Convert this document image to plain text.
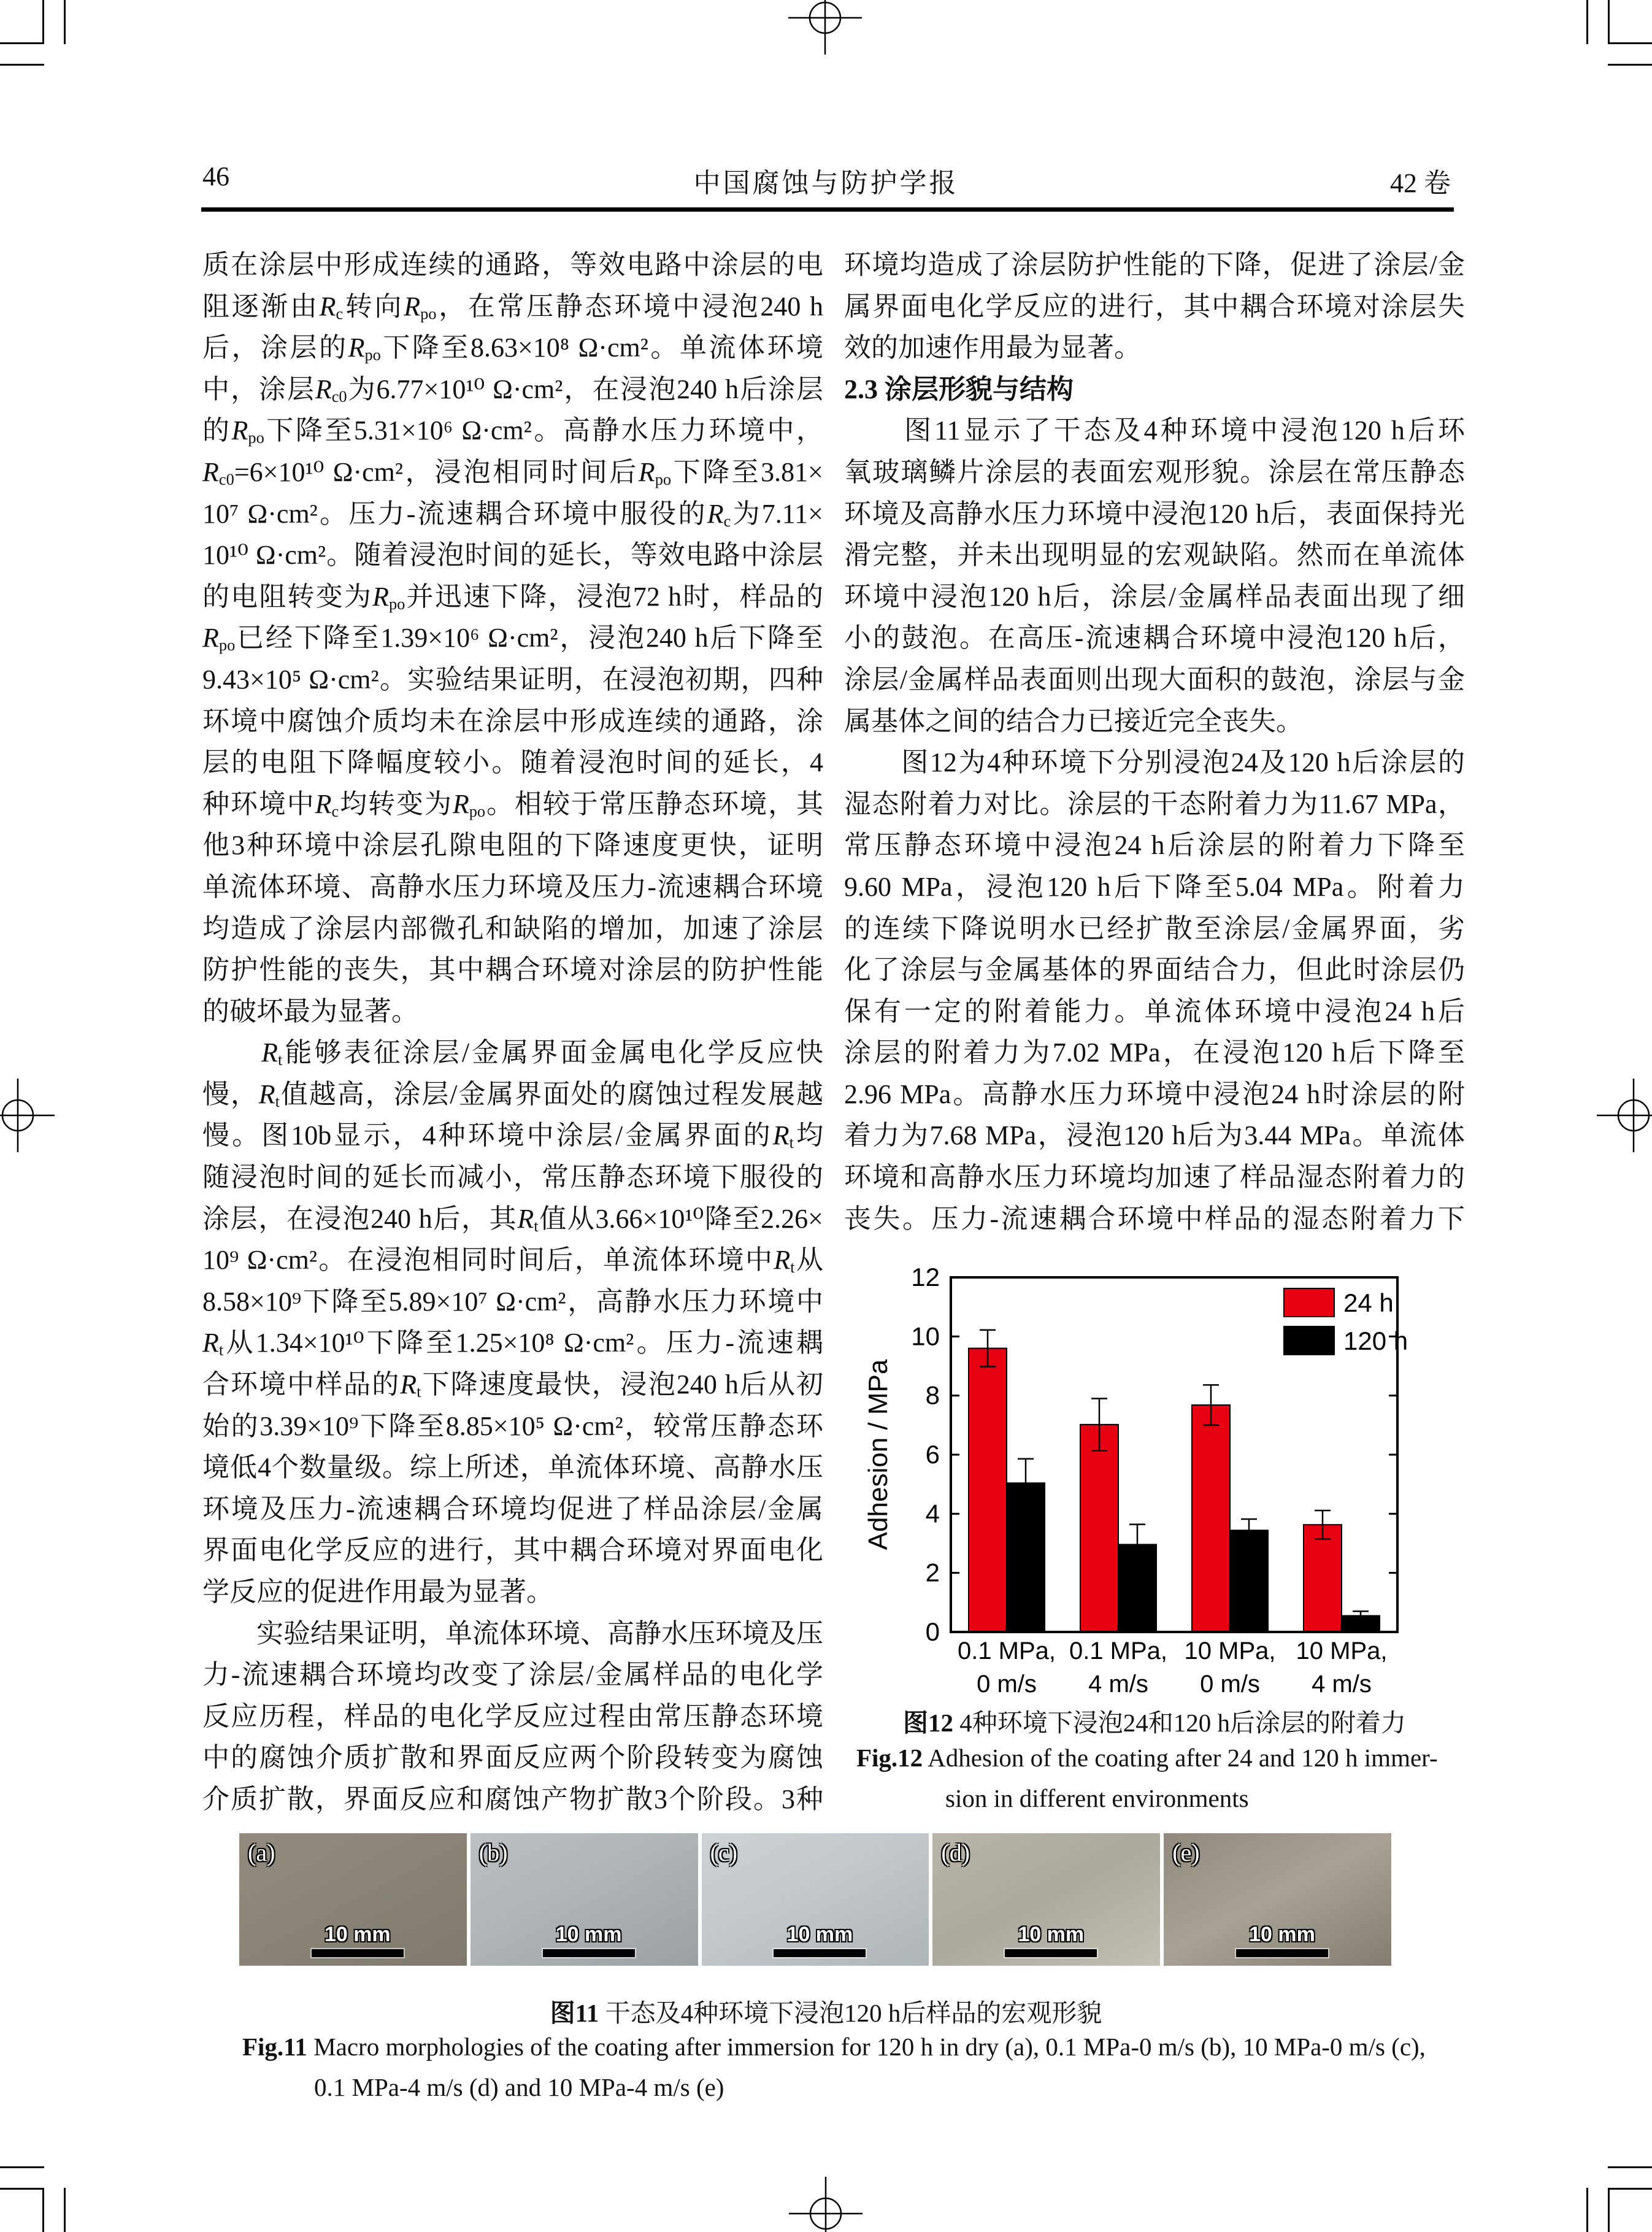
46	中国腐蚀与防护学报	42 卷
质在涂层中形成连续的通路，等效电路中涂层的电
阻逐渐由$R_c$转向$R_{po}$，在常压静态环境中浸泡240 h
后，涂层的$R_{po}$下降至8.63×10⁸ Ω·cm²。单流体环境
中，涂层$R_{c0}$为6.77×10¹⁰ Ω·cm²，在浸泡240 h后涂层
的$R_{po}$下降至5.31×10⁶ Ω·cm²。高静水压力环境中，
$R_{c0}=6\times 10^{10}$ Ω·cm²，浸泡相同时间后$R_{po}$下降至3.81×
10⁷ Ω·cm²。压力-流速耦合环境中服役的$R_c$为7.11×
10¹⁰ Ω·cm²。随着浸泡时间的延长，等效电路中涂层
的电阻转变为$R_{po}$并迅速下降，浸泡72 h时，样品的
$R_{po}$已经下降至1.39×10⁶ Ω·cm²，浸泡240 h后下降至
9.43×10⁵ Ω·cm²。实验结果证明，在浸泡初期，四种
环境中腐蚀介质均未在涂层中形成连续的通路，涂
层的电阻下降幅度较小。随着浸泡时间的延长，4
种环境中$R_c$均转变为$R_{po}$。相较于常压静态环境，其
他3种环境中涂层孔隙电阻的下降速度更快，证明
单流体环境、高静水压力环境及压力-流速耦合环境
均造成了涂层内部微孔和缺陷的增加，加速了涂层
防护性能的丧失，其中耦合环境对涂层的防护性能
的破坏最为显著。
　　$R_t$能够表征涂层/金属界面金属电化学反应快
慢，$R_t$值越高，涂层/金属界面处的腐蚀过程发展越
慢。图10b显示，4种环境中涂层/金属界面的$R_t$均
随浸泡时间的延长而减小，常压静态环境下服役的
涂层，在浸泡240 h后，其$R_t$值从3.66×10¹⁰降至2.26×
10⁹ Ω·cm²。在浸泡相同时间后，单流体环境中$R_t$从
8.58×10⁹下降至5.89×10⁷ Ω·cm²，高静水压力环境中
$R_t$从1.34×10¹⁰下降至1.25×10⁸ Ω·cm²。压力-流速耦
合环境中样品的$R_t$下降速度最快，浸泡240 h后从初
始的3.39×10⁹下降至8.85×10⁵ Ω·cm²，较常压静态环
境低4个数量级。综上所述，单流体环境、高静水压
环境及压力-流速耦合环境均促进了样品涂层/金属
界面电化学反应的进行，其中耦合环境对界面电化
学反应的促进作用最为显著。
　　实验结果证明，单流体环境、高静水压环境及压
力-流速耦合环境均改变了涂层/金属样品的电化学
反应历程，样品的电化学反应过程由常压静态环境
中的腐蚀介质扩散和界面反应两个阶段转变为腐蚀
介质扩散，界面反应和腐蚀产物扩散3个阶段。3种
环境均造成了涂层防护性能的下降，促进了涂层/金
属界面电化学反应的进行，其中耦合环境对涂层失
效的加速作用最为显著。
2.3 涂层形貌与结构
　　图11显示了干态及4种环境中浸泡120 h后环
氧玻璃鳞片涂层的表面宏观形貌。涂层在常压静态
环境及高静水压力环境中浸泡120 h后，表面保持光
滑完整，并未出现明显的宏观缺陷。然而在单流体
环境中浸泡120 h后，涂层/金属样品表面出现了细
小的鼓泡。在高压-流速耦合环境中浸泡120 h后，
涂层/金属样品表面则出现大面积的鼓泡，涂层与金
属基体之间的结合力已接近完全丧失。
　　图12为4种环境下分别浸泡24及120 h后涂层的
湿态附着力对比。涂层的干态附着力为11.67 MPa，
常压静态环境中浸泡24 h后涂层的附着力下降至
9.60 MPa，浸泡120 h后下降至5.04 MPa。附着力
的连续下降说明水已经扩散至涂层/金属界面，劣
化了涂层与金属基体的界面结合力，但此时涂层仍
保有一定的附着能力。单流体环境中浸泡24 h后
涂层的附着力为7.02 MPa，在浸泡120 h后下降至
2.96 MPa。高静水压力环境中浸泡24 h时涂层的附
着力为7.68 MPa，浸泡120 h后为3.44 MPa。单流体
环境和高静水压力环境均加速了样品湿态附着力的
丧失。压力-流速耦合环境中样品的湿态附着力下
0
2
4
6
8
10
12
0.1 MPa,
0 m/s
0.1 MPa,
4 m/s
10 MPa,
0 m/s
10 MPa,
4 m/s
Adhesion / MPa
24 h
120 h
图12 4种环境下浸泡24和120 h后涂层的附着力
Fig.12 Adhesion of the coating after 24 and 120 h immer-
sion in different environments
(a)
10 mm
(b)
10 mm
(c)
10 mm
(d)
10 mm
(e)
10 mm
图11 干态及4种环境下浸泡120 h后样品的宏观形貌
Fig.11 Macro morphologies of the coating after immersion for 120 h in dry (a), 0.1 MPa-0 m/s (b), 10 MPa-0 m/s (c),
0.1 MPa-4 m/s (d) and 10 MPa-4 m/s (e)
